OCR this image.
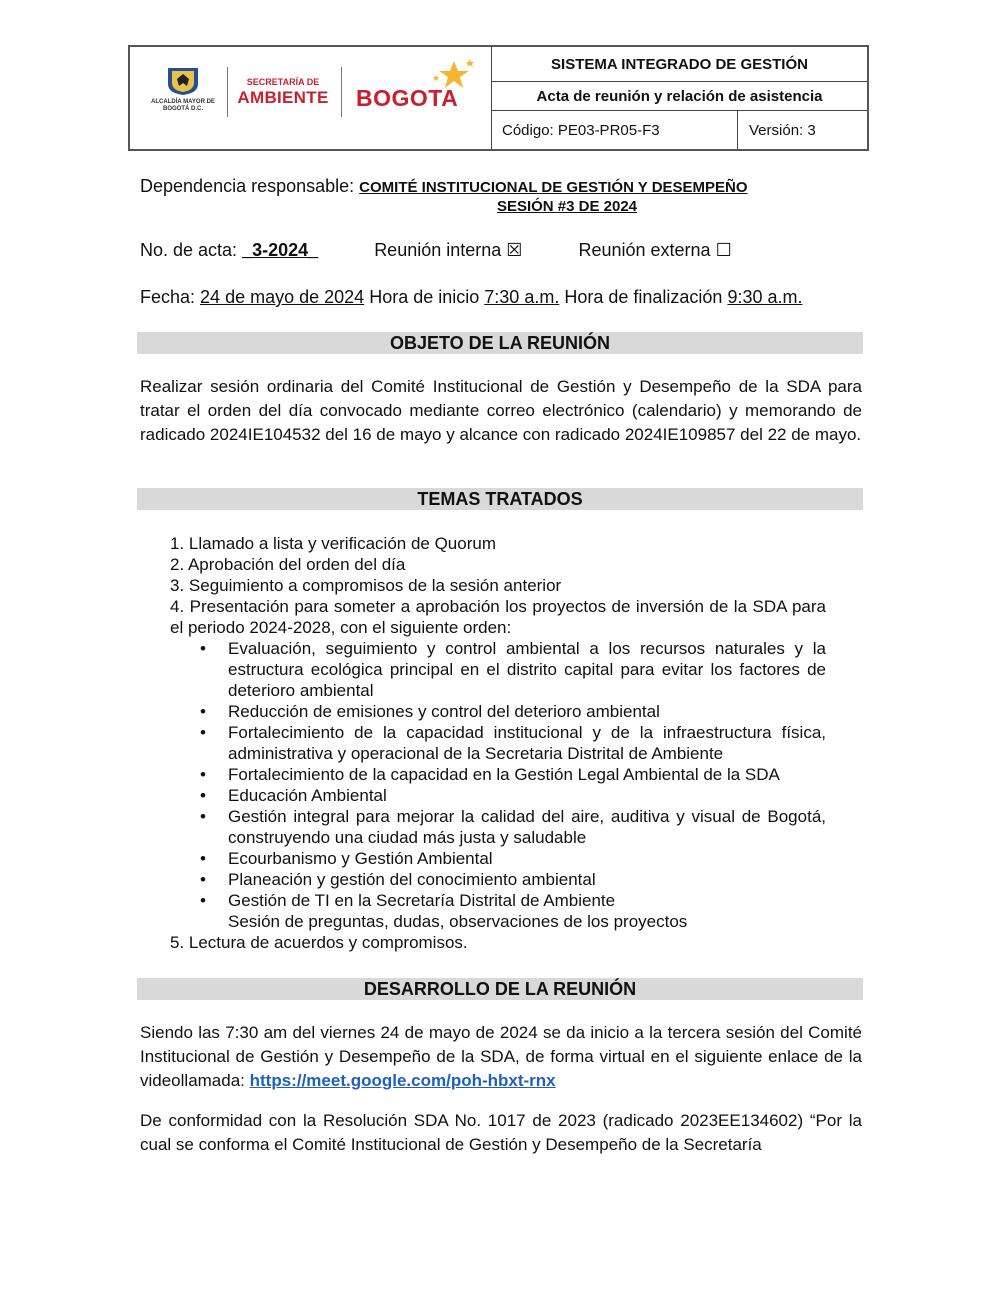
ALCALDÍA MAYOR DE BOGOTÁ D.C.
SECRETARÍA DE
AMBIENTE BOGOTA
SISTEMA INTEGRADO DE GESTIÓN
Acta de reunión y relación de asistencia
Código: PE03-PR05-F3	Versión: 3
Dependencia responsable: COMITÉ INSTITUCIONAL DE GESTIÓN Y DESEMPEÑO
SESIÓN #3 DE 2024
No. de acta: _3-2024_	Reunión interna ☒	Reunión externa ☐
Fecha: 24 de mayo de 2024 Hora de inicio 7:30 a.m. Hora de finalización 9:30 a.m.
OBJETO DE LA REUNIÓN
Realizar sesión ordinaria del Comité Institucional de Gestión y Desempeño de la SDA para tratar el orden del día convocado mediante correo electrónico (calendario) y memorando de radicado 2024IE104532 del 16 de mayo y alcance con radicado 2024IE109857 del 22 de mayo.
TEMAS TRATADOS
1. Llamado a lista y verificación de Quorum
2. Aprobación del orden del día
3. Seguimiento a compromisos de la sesión anterior
4. Presentación para someter a aprobación los proyectos de inversión de la SDA para el periodo 2024-2028, con el siguiente orden:
• Evaluación, seguimiento y control ambiental a los recursos naturales y la estructura ecológica principal en el distrito capital para evitar los factores de deterioro ambiental
• Reducción de emisiones y control del deterioro ambiental
• Fortalecimiento de la capacidad institucional y de la infraestructura física, administrativa y operacional de la Secretaria Distrital de Ambiente
• Fortalecimiento de la capacidad en la Gestión Legal Ambiental de la SDA
• Educación Ambiental
• Gestión integral para mejorar la calidad del aire, auditiva y visual de Bogotá, construyendo una ciudad más justa y saludable
• Ecourbanismo y Gestión Ambiental
• Planeación y gestión del conocimiento ambiental
• Gestión de TI en la Secretaría Distrital de Ambiente
Sesión de preguntas, dudas, observaciones de los proyectos
5. Lectura de acuerdos y compromisos.
DESARROLLO DE LA REUNIÓN
Siendo las 7:30 am del viernes 24 de mayo de 2024 se da inicio a la tercera sesión del Comité Institucional de Gestión y Desempeño de la SDA, de forma virtual en el siguiente enlace de la videollamada: https://meet.google.com/poh-hbxt-rnx
De conformidad con la Resolución SDA No. 1017 de 2023 (radicado 2023EE134602) “Por la cual se conforma el Comité Institucional de Gestión y Desempeño de la Secretaría
